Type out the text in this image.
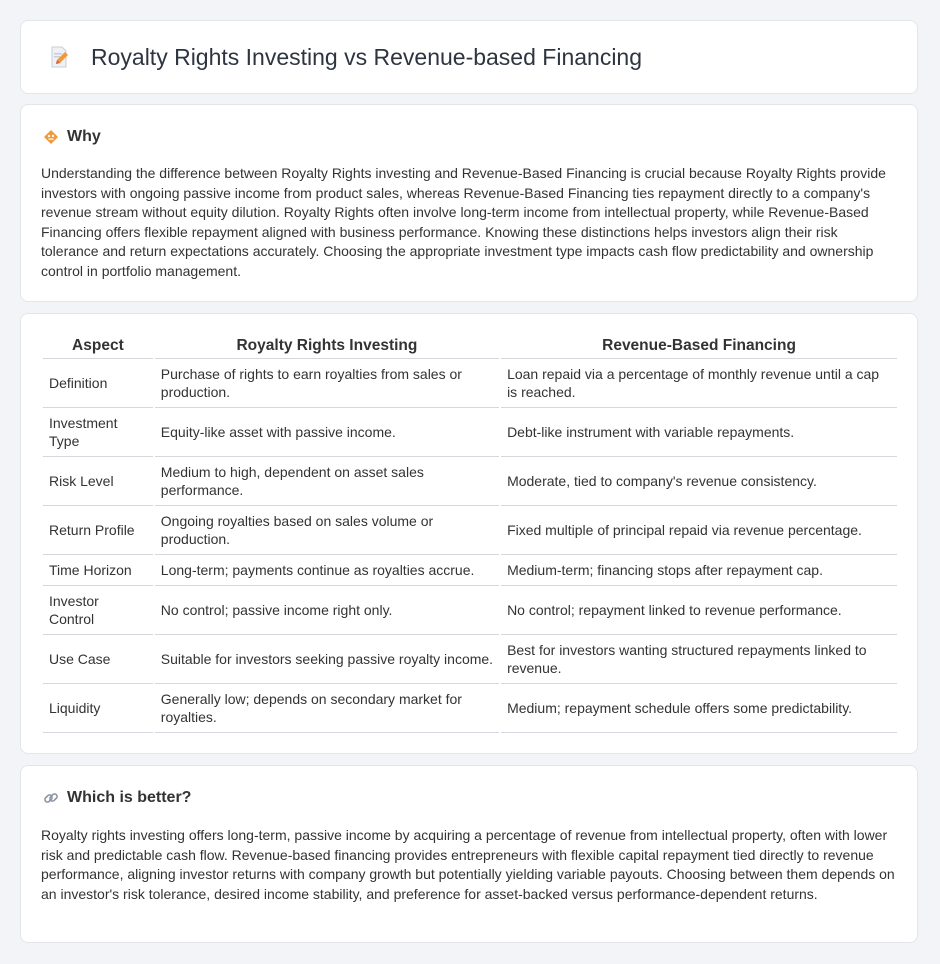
Royalty Rights Investing vs Revenue-based Financing
Why
Understanding the difference between Royalty Rights investing and Revenue-Based Financing is crucial because Royalty Rights provide investors with ongoing passive income from product sales, whereas Revenue-Based Financing ties repayment directly to a company's revenue stream without equity dilution. Royalty Rights often involve long-term income from intellectual property, while Revenue-Based Financing offers flexible repayment aligned with business performance. Knowing these distinctions helps investors align their risk tolerance and return expectations accurately. Choosing the appropriate investment type impacts cash flow predictability and ownership control in portfolio management.
Aspect	Royalty Rights Investing	Revenue-Based Financing
Definition	Purchase of rights to earn royalties from sales or production.	Loan repaid via a percentage of monthly revenue until a cap is reached.
Investment Type	Equity-like asset with passive income.	Debt-like instrument with variable repayments.
Risk Level	Medium to high, dependent on asset sales performance.	Moderate, tied to company's revenue consistency.
Return Profile	Ongoing royalties based on sales volume or production.	Fixed multiple of principal repaid via revenue percentage.
Time Horizon	Long-term; payments continue as royalties accrue.	Medium-term; financing stops after repayment cap.
Investor Control	No control; passive income right only.	No control; repayment linked to revenue performance.
Use Case	Suitable for investors seeking passive royalty income.	Best for investors wanting structured repayments linked to revenue.
Liquidity	Generally low; depends on secondary market for royalties.	Medium; repayment schedule offers some predictability.
Which is better?
Royalty rights investing offers long-term, passive income by acquiring a percentage of revenue from intellectual property, often with lower risk and predictable cash flow. Revenue-based financing provides entrepreneurs with flexible capital repayment tied directly to revenue performance, aligning investor returns with company growth but potentially yielding variable payouts. Choosing between them depends on an investor's risk tolerance, desired income stability, and preference for asset-backed versus performance-dependent returns.
